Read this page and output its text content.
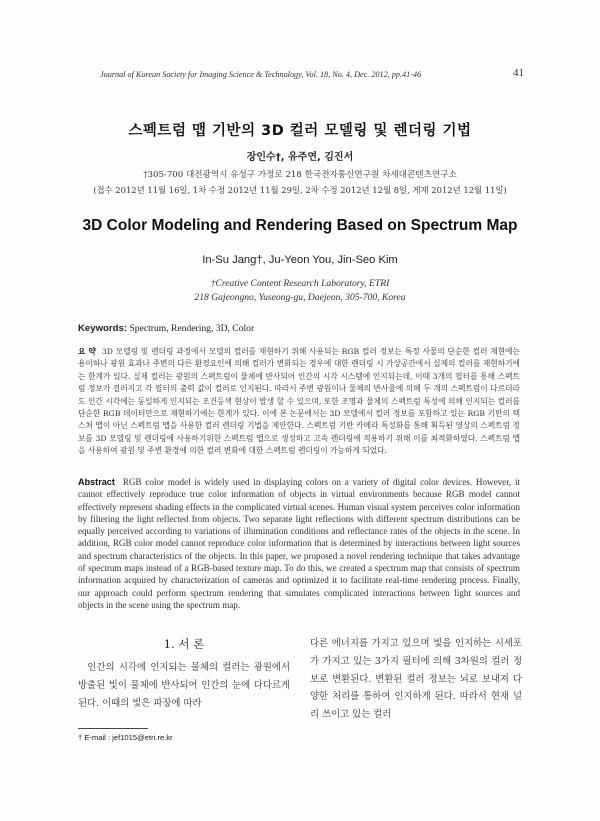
Journal of Korean Society for Imaging Science & Technology, Vol. 18, No. 4, Dec. 2012, pp.41-46	41
스펙트럼 맵 기반의 3D 컬러 모델링 및 렌더링 기법
장인수†, 유주연, 김진서
†305-700 대전광역시 유성구 가정로 218 한국전자통신연구원 차세대콘텐츠연구소
(접수 2012년 11월 16일, 1차 수정 2012년 11월 29일, 2차 수정 2012년 12월 8일, 게재 2012년 12월 11일)
3D Color Modeling and Rendering Based on Spectrum Map
In-Su Jang†, Ju-Yeon You, Jin-Seo Kim
†Creative Content Research Laboratory, ETRI
218 Gajeongno, Yuseong-gu, Daejeon, 305-700, Korea
Keywords: Spectrum, Rendering, 3D, Color
요 약 3D 모델링 및 렌더링 과정에서 모델의 컬러를 재현하기 위해 사용되는 RGB 컬러 정보는 특정 사물의 단순한 컬러 재현에는 용이하나 광원 효과나 주변의 다른 환경요인에 의해 컬러가 변화되는 경우에 대한 렌더링 시 가상공간에서 실제의 컬러를 재현하기에는 한계가 있다. 실제 컬러는 광원의 스펙트럼이 물체에 반사되어 인간의 시각 시스템에 인지되는데, 이때 3개의 필터를 통해 스펙트럼 정보가 걸러지고 각 필터의 출력 값이 컬러로 인지된다. 따라서 주변 광원이나 물체의 반사율에 의해 두 개의 스펙트럼이 다르더라도 인간 시각에는 동일하게 인지되는 조건등색 현상이 발생 할 수 있으며, 또한 조명과 물체의 스펙트럼 특성에 의해 인지되는 컬러를 단순한 RGB 데이터만으로 재현하기에는 한계가 있다. 이에 본 논문에서는 3D 모델에서 컬러 정보를 포함하고 있는 RGB 기반의 텍스쳐 맵이 아닌 스펙트럼 맵을 사용한 컬러 렌더링 기법을 제안한다. 스펙트럼 기반 카메라 특성화를 통해 획득된 영상의 스펙트럼 정보를 3D 모델링 및 렌더링에 사용하기위한 스펙트럼 맵으로 생성하고 고속 렌더링에 적용하기 위해 이를 최적화하였다. 스펙트럼 맵을 사용하여 광원 및 주변 환경에 의한 컬러 변화에 대한 스펙트럼 렌더링이 가능하게 되었다.
Abstract RGB color model is widely used in displaying colors on a variety of digital color devices. However, it cannot effectively reproduce true color information of objects in virtual environments because RGB model cannot effectively represent shading effects in the complicated virtual scenes. Human visual system perceives color information by filtering the light reflected from objects. Two separate light reflections with different spectrum distributions can be equally perceived according to variations of illumination conditions and reflectance rates of the objects in the scene. In addition, RGB color model cannot reproduce color information that is determined by interactions between light sources and spectrum characteristics of the objects. In this paper, we proposed a novel rendering technique that takes advantage of spectrum maps instead of a RGB-based texture map. To do this, we created a spectrum map that consists of spectrum information acquired by characterization of cameras and optimized it to facilitate real-time rendering process. Finally, our approach could perform spectrum rendering that simulates complicated interactions between light sources and objects in the scene using the spectrum map.
1. 서 론
인간의 시각에 인지되는 물체의 컬러는 광원에서 방출된 빛이 물체에 반사되어 인간의 눈에 다다르게 된다. 이때의 빛은 파장에 따라
다른 에너지를 가지고 있으며 빛을 인지하는 시세포가 가지고 있는 3가지 필터에 의해 3차원의 컬러 정보로 변환된다. 변환된 컬러 정보는 뇌로 보내져 다양한 처리를 통하여 인지하게 된다. 따라서 현재 널리 쓰이고 있는 컬러
† E-mail : jef1015@etri.re.kr
